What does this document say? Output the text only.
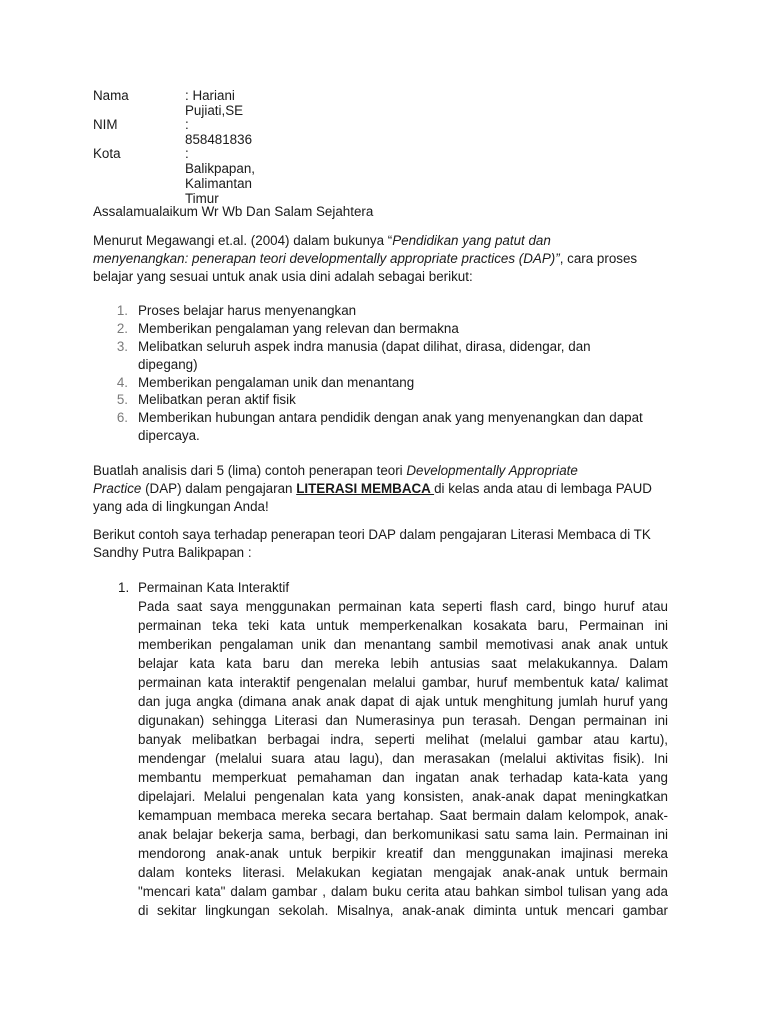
Nama	: Hariani Pujiati,SE
NIM	: 858481836
Kota	: Balikpapan, Kalimantan Timur
Assalamualaikum Wr Wb Dan Salam Sejahtera
Menurut Megawangi et.al. (2004) dalam bukunya “Pendidikan yang patut dan
menyenangkan: penerapan teori developmentally appropriate practices (DAP)”, cara proses
belajar yang sesuai untuk anak usia dini adalah sebagai berikut:
1. Proses belajar harus menyenangkan
2. Memberikan pengalaman yang relevan dan bermakna
3. Melibatkan seluruh aspek indra manusia (dapat dilihat, dirasa, didengar, dan
dipegang)
4. Memberikan pengalaman unik dan menantang
5. Melibatkan peran aktif fisik
6. Memberikan hubungan antara pendidik dengan anak yang menyenangkan dan dapat
dipercaya.
Buatlah analisis dari 5 (lima) contoh penerapan teori Developmentally Appropriate
Practice (DAP) dalam pengajaran LITERASI MEMBACA di kelas anda atau di lembaga PAUD
yang ada di lingkungan Anda!
Berikut contoh saya terhadap penerapan teori DAP dalam pengajaran Literasi Membaca di TK
Sandhy Putra Balikpapan :
1. Permainan Kata Interaktif
Pada saat saya menggunakan permainan kata seperti flash card, bingo huruf atau
permainan teka teki kata untuk memperkenalkan kosakata baru, Permainan ini
memberikan pengalaman unik dan menantang sambil memotivasi anak anak untuk
belajar kata kata baru dan mereka lebih antusias saat melakukannya. Dalam
permainan kata interaktif pengenalan melalui gambar, huruf membentuk kata/ kalimat
dan juga angka (dimana anak anak dapat di ajak untuk menghitung jumlah huruf yang
digunakan) sehingga Literasi dan Numerasinya pun terasah. Dengan permainan ini
banyak melibatkan berbagai indra, seperti melihat (melalui gambar atau kartu),
mendengar (melalui suara atau lagu), dan merasakan (melalui aktivitas fisik). Ini
membantu memperkuat pemahaman dan ingatan anak terhadap kata-kata yang
dipelajari. Melalui pengenalan kata yang konsisten, anak-anak dapat meningkatkan
kemampuan membaca mereka secara bertahap. Saat bermain dalam kelompok, anak-
anak belajar bekerja sama, berbagi, dan berkomunikasi satu sama lain. Permainan ini
mendorong anak-anak untuk berpikir kreatif dan menggunakan imajinasi mereka
dalam konteks literasi. Melakukan kegiatan mengajak anak-anak untuk bermain
"mencari kata" dalam gambar , dalam buku cerita atau bahkan simbol tulisan yang ada
di sekitar lingkungan sekolah. Misalnya, anak-anak diminta untuk mencari gambar
